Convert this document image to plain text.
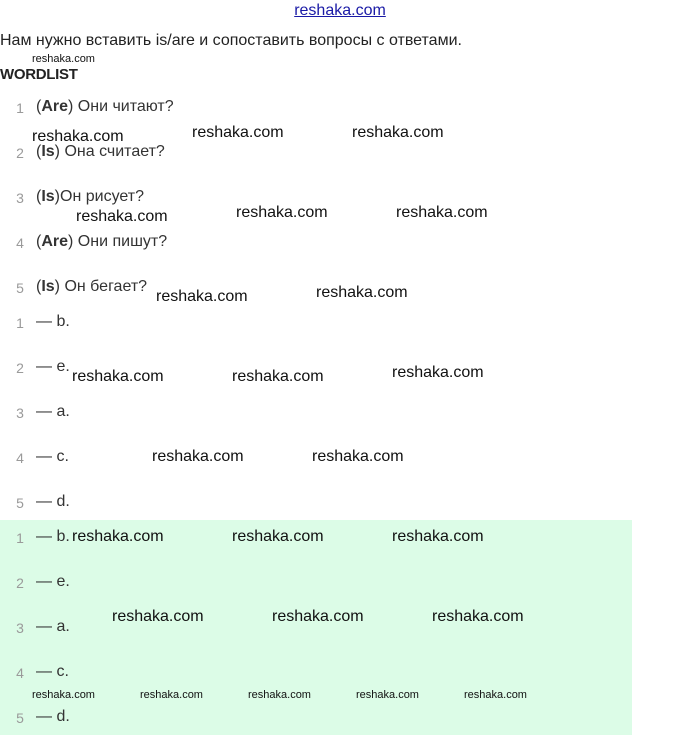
reshaka.com
Нам нужно вставить is/are и сопоставить вопросы с ответами.
WORDLIST
1 (Are) Они читают?
2 (Is) Она считает?
3 (Is)Он рисует?
4 (Are) Они пишут?
5 (Is) Он бегает?
1 — b.
2 — e.
3 — a.
4 — c.
5 — d.
1 — b.
2 — e.
3 — a.
4 — c.
5 — d.
reshaka.com
reshaka.com	reshaka.com	reshaka.com
reshaka.com	reshaka.com	reshaka.com
reshaka.com	reshaka.com
reshaka.com	reshaka.com	reshaka.com
reshaka.com	reshaka.com
reshaka.com	reshaka.com	reshaka.com
reshaka.com	reshaka.com	reshaka.com
reshaka.com	reshaka.com	reshaka.com	reshaka.com	reshaka.com
